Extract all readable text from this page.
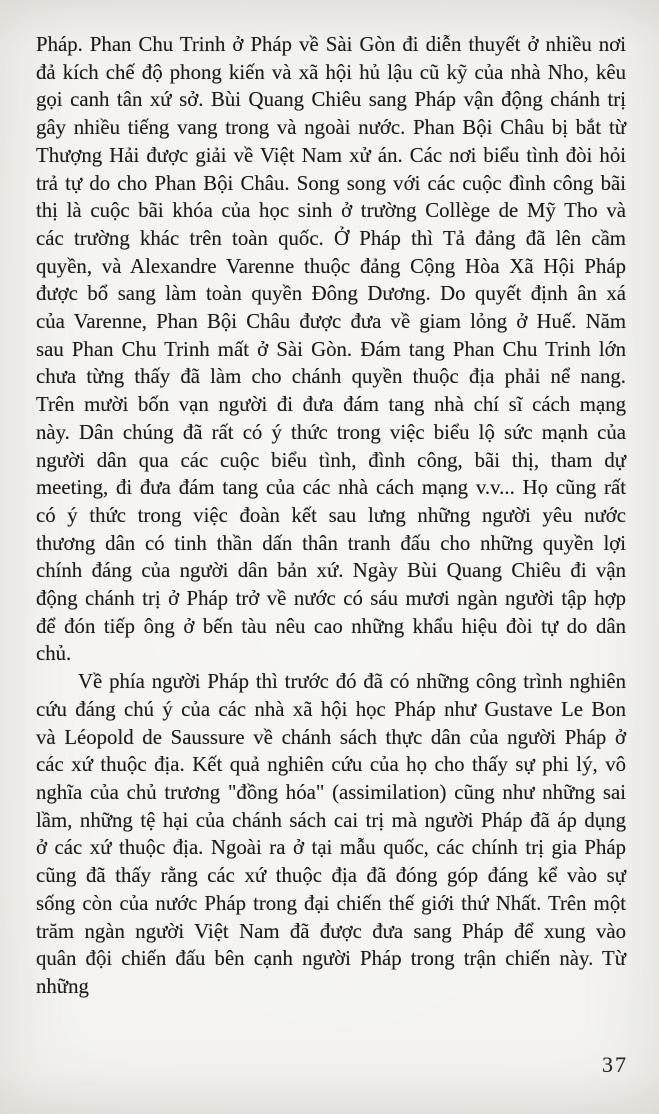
Pháp. Phan Chu Trinh ở Pháp về Sài Gòn đi diễn thuyết ở nhiều nơi đả kích chế độ phong kiến và xã hội hủ lậu cũ kỹ của nhà Nho, kêu gọi canh tân xứ sở. Bùi Quang Chiêu sang Pháp vận động chánh trị gây nhiều tiếng vang trong và ngoài nước. Phan Bội Châu bị bắt từ Thượng Hải được giải về Việt Nam xử án. Các nơi biểu tình đòi hỏi trả tự do cho Phan Bội Châu. Song song với các cuộc đình công bãi thị là cuộc bãi khóa của học sinh ở trường Collège de Mỹ Tho và các trường khác trên toàn quốc. Ở Pháp thì Tả đảng đã lên cầm quyền, và Alexandre Varenne thuộc đảng Cộng Hòa Xã Hội Pháp được bổ sang làm toàn quyền Đông Dương. Do quyết định ân xá của Varenne, Phan Bội Châu được đưa về giam lỏng ở Huế. Năm sau Phan Chu Trinh mất ở Sài Gòn. Đám tang Phan Chu Trinh lớn chưa từng thấy đã làm cho chánh quyền thuộc địa phải nể nang. Trên mười bốn vạn người đi đưa đám tang nhà chí sĩ cách mạng này. Dân chúng đã rất có ý thức trong việc biểu lộ sức mạnh của người dân qua các cuộc biểu tình, đình công, bãi thị, tham dự meeting, đi đưa đám tang của các nhà cách mạng v.v... Họ cũng rất có ý thức trong việc đoàn kết sau lưng những người yêu nước thương dân có tinh thần dấn thân tranh đấu cho những quyền lợi chính đáng của người dân bản xứ. Ngày Bùi Quang Chiêu đi vận động chánh trị ở Pháp trở về nước có sáu mươi ngàn người tập hợp để đón tiếp ông ở bến tàu nêu cao những khẩu hiệu đòi tự do dân chủ.

Về phía người Pháp thì trước đó đã có những công trình nghiên cứu đáng chú ý của các nhà xã hội học Pháp như Gustave Le Bon và Léopold de Saussure về chánh sách thực dân của người Pháp ở các xứ thuộc địa. Kết quả nghiên cứu của họ cho thấy sự phi lý, vô nghĩa của chủ trương "đồng hóa" (assimilation) cũng như những sai lầm, những tệ hại của chánh sách cai trị mà người Pháp đã áp dụng ở các xứ thuộc địa. Ngoài ra ở tại mẫu quốc, các chính trị gia Pháp cũng đã thấy rằng các xứ thuộc địa đã đóng góp đáng kể vào sự sống còn của nước Pháp trong đại chiến thế giới thứ Nhất. Trên một trăm ngàn người Việt Nam đã được đưa sang Pháp để xung vào quân đội chiến đấu bên cạnh người Pháp trong trận chiến này. Từ những

37
